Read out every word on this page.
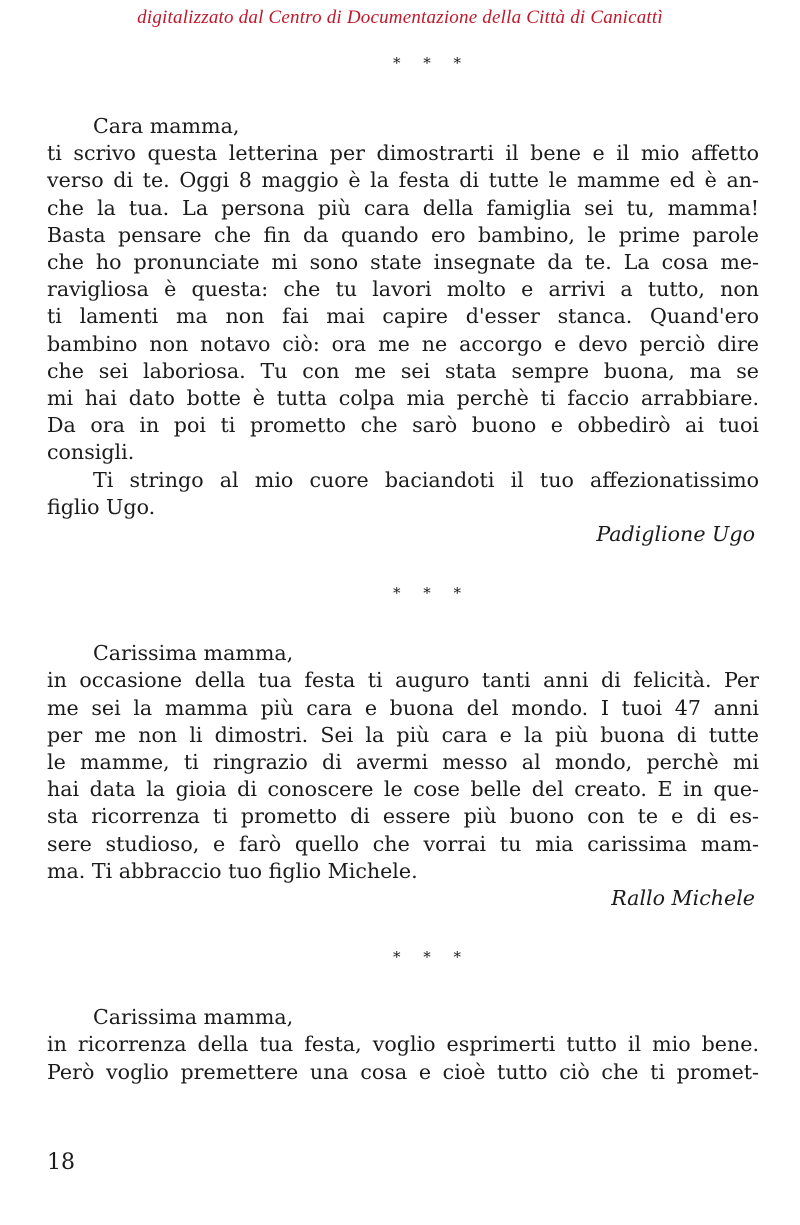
digitalizzato dal Centro di Documentazione della Città di Canicattì
* * *

Cara mamma,

ti scrivo questa letterina per dimostrarti il bene e il mio affetto

verso di te. Oggi 8 maggio è la festa di tutte le mamme ed è an-

che la tua. La persona più cara della famiglia sei tu, mamma!

Basta pensare che fin da quando ero bambino, le prime parole

che ho pronunciate mi sono state insegnate da te. La cosa me-

ravigliosa è questa: che tu lavori molto e arrivi a tutto, non

ti lamenti ma non fai mai capire d'esser stanca. Quand'ero

bambino non notavo ciò: ora me ne accorgo e devo perciò dire

che sei laboriosa. Tu con me sei stata sempre buona, ma se

mi hai dato botte è tutta colpa mia perchè ti faccio arrabbiare.

Da ora in poi ti prometto che sarò buono e obbedirò ai tuoi

consigli.

Ti stringo al mio cuore baciandoti il tuo affezionatissimo

figlio Ugo.

Padiglione Ugo

* * *

Carissima mamma,

in occasione della tua festa ti auguro tanti anni di felicità. Per

me sei la mamma più cara e buona del mondo. I tuoi 47 anni

per me non li dimostri. Sei la più cara e la più buona di tutte

le mamme, ti ringrazio di avermi messo al mondo, perchè mi

hai data la gioia di conoscere le cose belle del creato. E in que-

sta ricorrenza ti prometto di essere più buono con te e di es-

sere studioso, e farò quello che vorrai tu mia carissima mam-

ma. Ti abbraccio tuo figlio Michele.

Rallo Michele

* * *

Carissima mamma,

in ricorrenza della tua festa, voglio esprimerti tutto il mio bene.

Però voglio premettere una cosa e cioè tutto ciò che ti promet-

18
